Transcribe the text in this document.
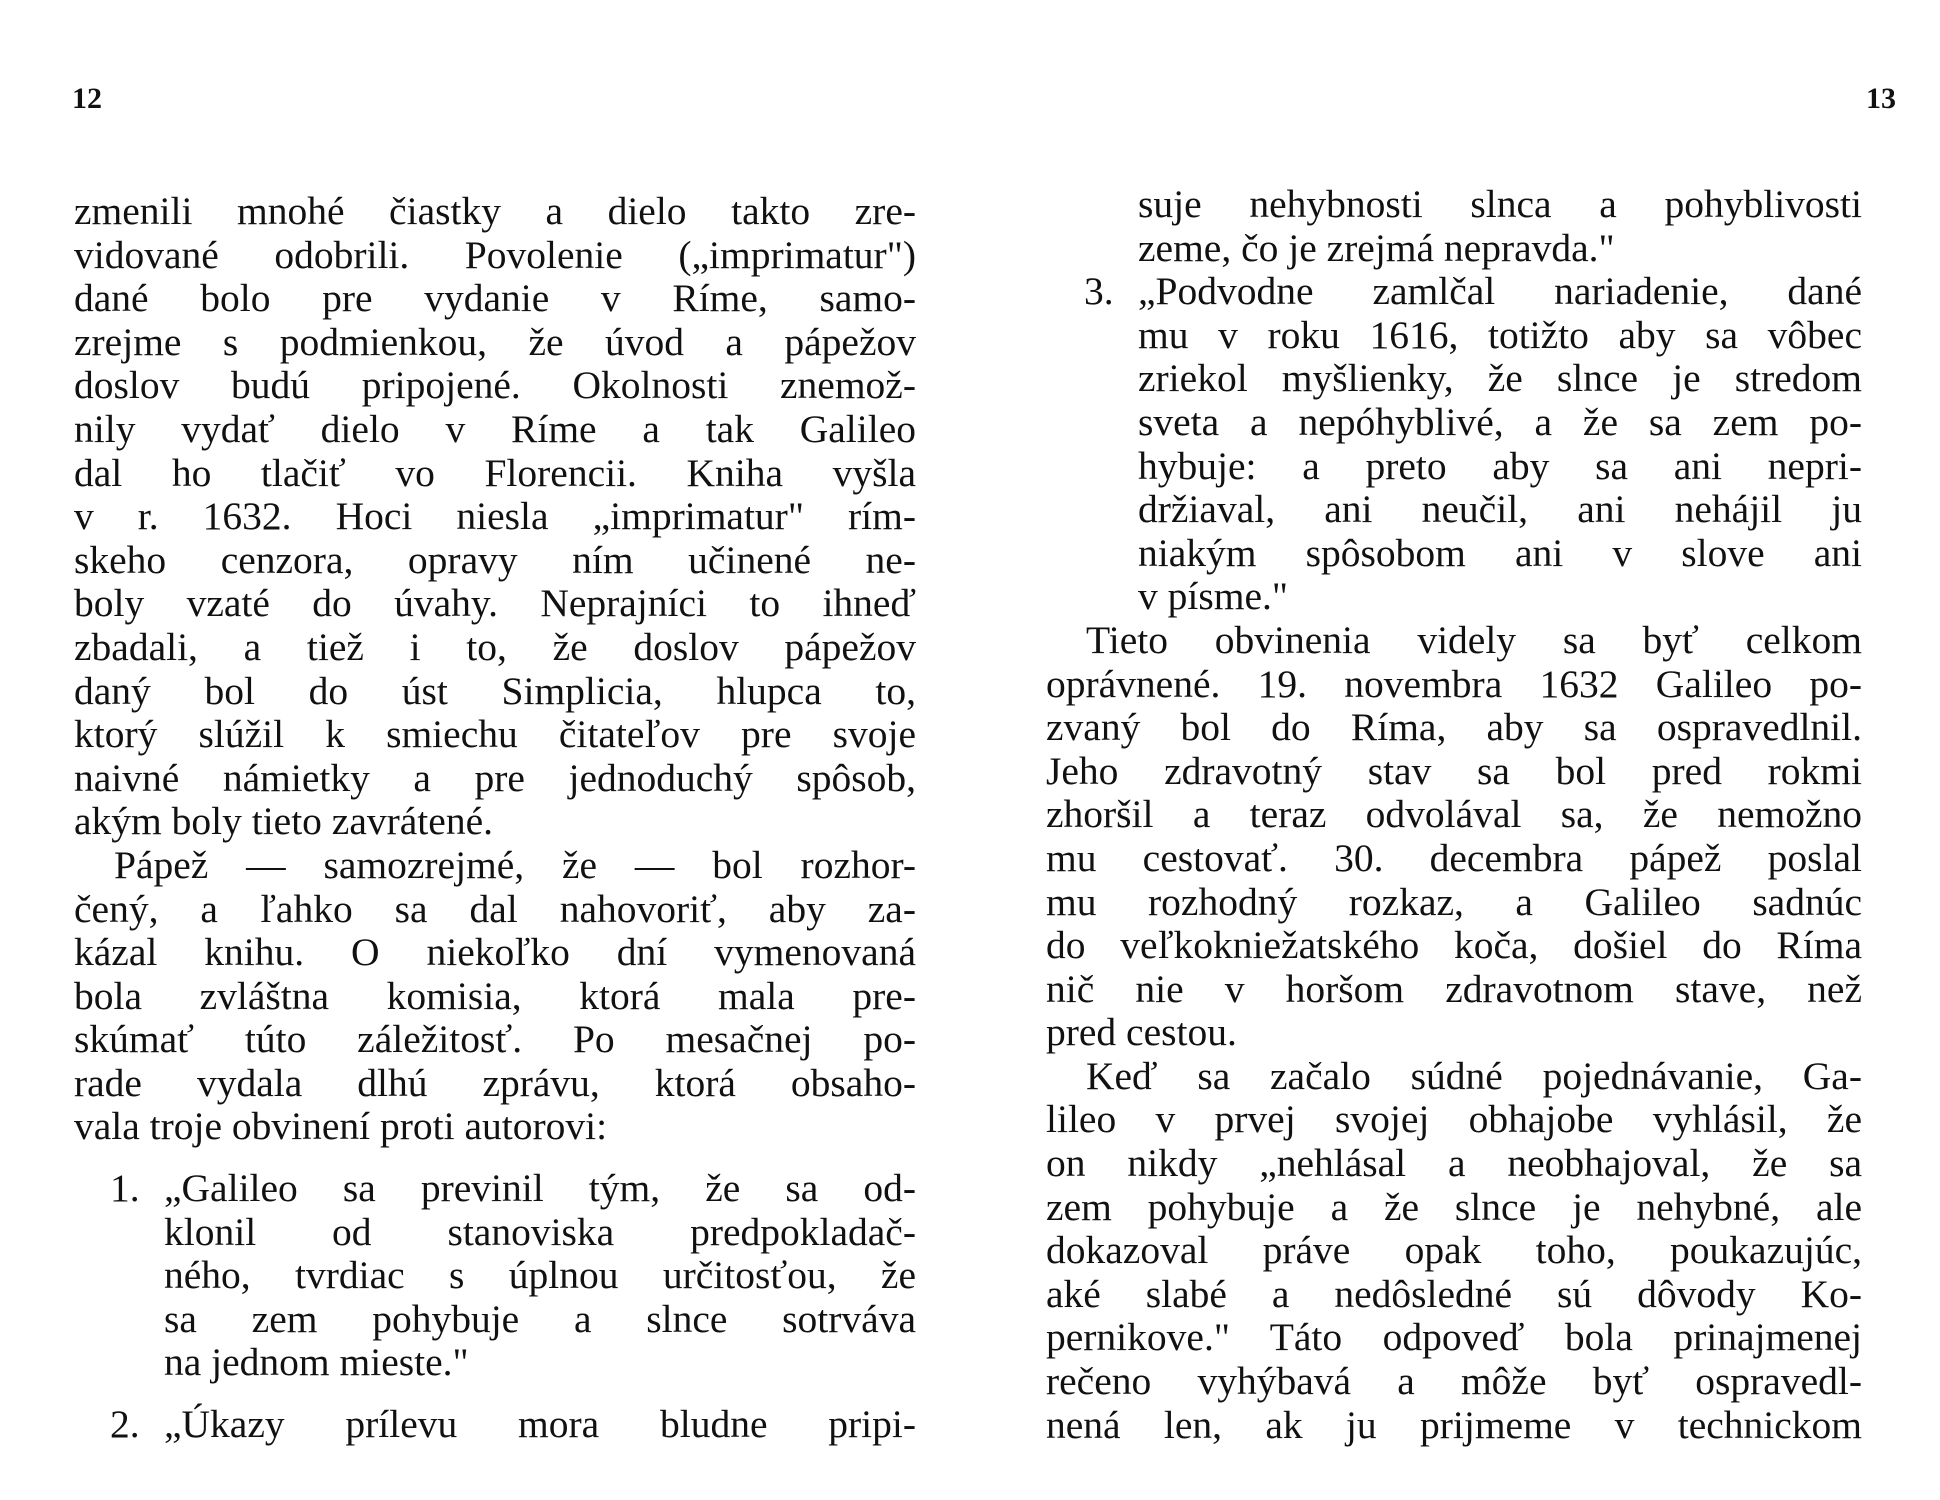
12
zmenili mnohé čiastky a dielo takto zre-
vidované odobrili. Povolenie („imprimatur")
dané bolo pre vydanie v Ríme, samo-
zrejme s podmienkou, že úvod a pápežov
doslov budú pripojené. Okolnosti znemož-
nily vydať dielo v Ríme a tak Galileo
dal ho tlačiť vo Florencii. Kniha vyšla
v r. 1632. Hoci niesla „imprimatur" rím-
skeho cenzora, opravy ním učinené ne-
boly vzaté do úvahy. Neprajníci to ihneď
zbadali, a tiež i to, že doslov pápežov
daný bol do úst Simplicia, hlupca to,
ktorý slúžil k smiechu čitateľov pre svoje
naivné námietky a pre jednoduchý spôsob,
akým boly tieto zavrátené.
Pápež — samozrejmé, že — bol rozhor-
čený, a ľahko sa dal nahovoriť, aby za-
kázal knihu. O niekoľko dní vymenovaná
bola zvláštna komisia, ktorá mala pre-
skúmať túto záležitosť. Po mesačnej po-
rade vydala dlhú zprávu, ktorá obsaho-
vala troje obvinení proti autorovi:
1. „Galileo sa previnil tým, že sa od-
klonil od stanoviska predpokladač-
ného, tvrdiac s úplnou určitosťou, že
sa zem pohybuje a slnce sotrváva
na jednom mieste."
2. „Úkazy prílevu mora bludne pripi-
13
suje nehybnosti slnca a pohyblivosti
zeme, čo je zrejmá nepravda."
3. „Podvodne zamlčal nariadenie, dané
mu v roku 1616, totižto aby sa vôbec
zriekol myšlienky, že slnce je stredom
sveta a nepóhyblivé, a že sa zem po-
hybuje: a preto aby sa ani nepri-
držiaval, ani neučil, ani nehájil ju
niakým spôsobom ani v slove ani
v písme."
Tieto obvinenia videly sa byť celkom
oprávnené. 19. novembra 1632 Galileo po-
zvaný bol do Ríma, aby sa ospravedlnil.
Jeho zdravotný stav sa bol pred rokmi
zhoršil a teraz odvolával sa, že nemožno
mu cestovať. 30. decembra pápež poslal
mu rozhodný rozkaz, a Galileo sadnúc
do veľkokniežatského koča, došiel do Ríma
nič nie v horšom zdravotnom stave, než
pred cestou.
Keď sa začalo súdné pojednávanie, Ga-
lileo v prvej svojej obhajobe vyhlásil, že
on nikdy „nehlásal a neobhajoval, že sa
zem pohybuje a že slnce je nehybné, ale
dokazoval práve opak toho, poukazujúc,
aké slabé a nedôsledné sú dôvody Ko-
pernikove." Táto odpoveď bola prinajmenej
rečeno vyhýbavá a môže byť ospravedl-
nená len, ak ju prijmeme v technickom
